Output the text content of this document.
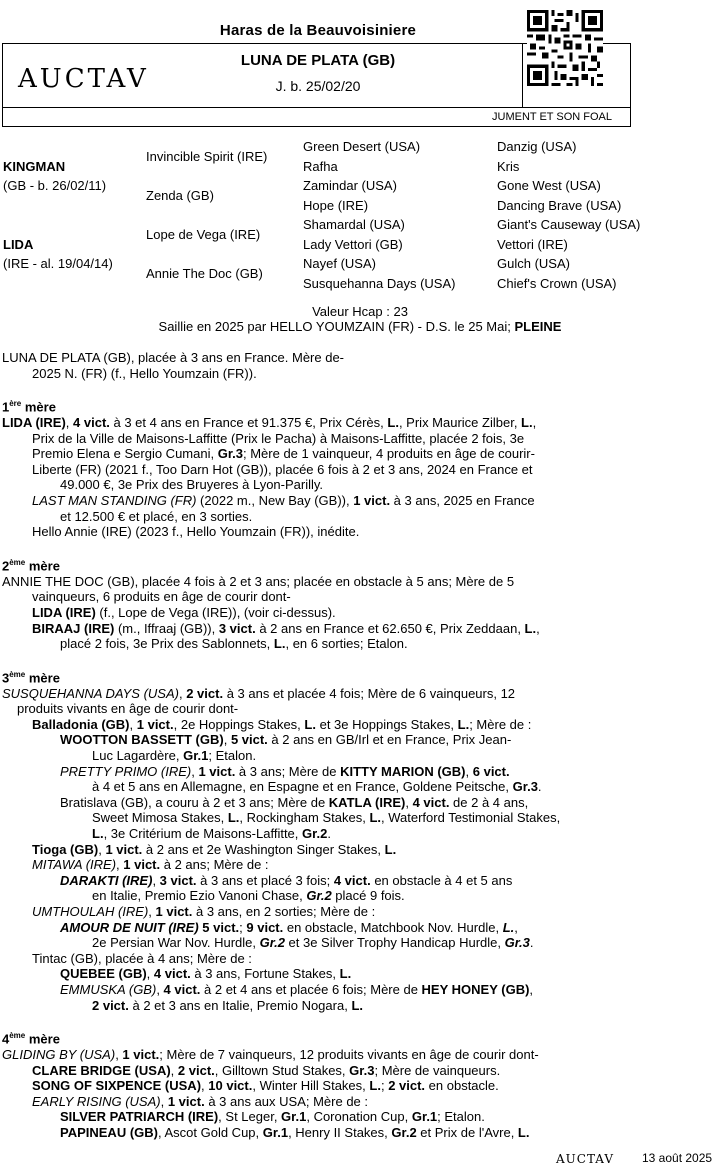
Haras de la Beauvoisiniere
AUCTAV
LUNA DE PLATA (GB)
J. b. 25/02/20
JUMENT ET SON FOAL
KINGMAN
(GB - b. 26/02/11)
LIDA
(IRE - al. 19/04/14)
Invincible Spirit (IRE)
Zenda (GB)
Lope de Vega (IRE)
Annie The Doc (GB)
Green Desert (USA)
Rafha
Zamindar (USA)
Hope (IRE)
Shamardal (USA)
Lady Vettori (GB)
Nayef (USA)
Susquehanna Days (USA)
Danzig (USA)
Kris
Gone West (USA)
Dancing Brave (USA)
Giant's Causeway (USA)
Vettori (IRE)
Gulch (USA)
Chief's Crown (USA)
Valeur Hcap : 23
Saillie en 2025 par HELLO YOUMZAIN (FR) - D.S. le 25 Mai; PLEINE
LUNA DE PLATA (GB), placée à 3 ans en France. Mère de-
2025 N. (FR) (f., Hello Youmzain (FR)).
1ère mère
LIDA (IRE), 4 vict. à 3 et 4 ans en France et 91.375 €, Prix Cérès, L., Prix Maurice Zilber, L.,
Prix de la Ville de Maisons-Laffitte (Prix le Pacha) à Maisons-Laffitte, placée 2 fois, 3e
Premio Elena e Sergio Cumani, Gr.3; Mère de 1 vainqueur, 4 produits en âge de courir-
Liberte (FR) (2021 f., Too Darn Hot (GB)), placée 6 fois à 2 et 3 ans, 2024 en France et
49.000 €, 3e Prix des Bruyeres à Lyon-Parilly.
LAST MAN STANDING (FR) (2022 m., New Bay (GB)), 1 vict. à 3 ans, 2025 en France
et 12.500 € et placé, en 3 sorties.
Hello Annie (IRE) (2023 f., Hello Youmzain (FR)), inédite.
2ème mère
ANNIE THE DOC (GB), placée 4 fois à 2 et 3 ans; placée en obstacle à 5 ans; Mère de 5
vainqueurs, 6 produits en âge de courir dont-
LIDA (IRE) (f., Lope de Vega (IRE)), (voir ci-dessus).
BIRAAJ (IRE) (m., Iffraaj (GB)), 3 vict. à 2 ans en France et 62.650 €, Prix Zeddaan, L.,
placé 2 fois, 3e Prix des Sablonnets, L., en 6 sorties; Etalon.
3ème mère
SUSQUEHANNA DAYS (USA), 2 vict. à 3 ans et placée 4 fois; Mère de 6 vainqueurs, 12
produits vivants en âge de courir dont-
Balladonia (GB), 1 vict., 2e Hoppings Stakes, L. et 3e Hoppings Stakes, L.; Mère de :
WOOTTON BASSETT (GB), 5 vict. à 2 ans en GB/Irl et en France, Prix Jean-
Luc Lagardère, Gr.1; Etalon.
PRETTY PRIMO (IRE), 1 vict. à 3 ans; Mère de KITTY MARION (GB), 6 vict.
à 4 et 5 ans en Allemagne, en Espagne et en France, Goldene Peitsche, Gr.3.
Bratislava (GB), a couru à 2 et 3 ans; Mère de KATLA (IRE), 4 vict. de 2 à 4 ans,
Sweet Mimosa Stakes, L., Rockingham Stakes, L., Waterford Testimonial Stakes,
L., 3e Critérium de Maisons-Laffitte, Gr.2.
Tioga (GB), 1 vict. à 2 ans et 2e Washington Singer Stakes, L.
MITAWA (IRE), 1 vict. à 2 ans; Mère de :
DARAKTI (IRE), 3 vict. à 3 ans et placé 3 fois; 4 vict. en obstacle à 4 et 5 ans
en Italie, Premio Ezio Vanoni Chase, Gr.2 placé 9 fois.
UMTHOULAH (IRE), 1 vict. à 3 ans, en 2 sorties; Mère de :
AMOUR DE NUIT (IRE) 5 vict.; 9 vict. en obstacle, Matchbook Nov. Hurdle, L.,
2e Persian War Nov. Hurdle, Gr.2 et 3e Silver Trophy Handicap Hurdle, Gr.3.
Tintac (GB), placée à 4 ans; Mère de :
QUEBEE (GB), 4 vict. à 3 ans, Fortune Stakes, L.
EMMUSKA (GB), 4 vict. à 2 et 4 ans et placée 6 fois; Mère de HEY HONEY (GB),
2 vict. à 2 et 3 ans en Italie, Premio Nogara, L.
4ème mère
GLIDING BY (USA), 1 vict.; Mère de 7 vainqueurs, 12 produits vivants en âge de courir dont-
CLARE BRIDGE (USA), 2 vict., Gilltown Stud Stakes, Gr.3; Mère de vainqueurs.
SONG OF SIXPENCE (USA), 10 vict., Winter Hill Stakes, L.; 2 vict. en obstacle.
EARLY RISING (USA), 1 vict. à 3 ans aux USA; Mère de :
SILVER PATRIARCH (IRE), St Leger, Gr.1, Coronation Cup, Gr.1; Etalon.
PAPINEAU (GB), Ascot Gold Cup, Gr.1, Henry II Stakes, Gr.2 et Prix de l'Avre, L.
AUCTAV 13 août 2025
